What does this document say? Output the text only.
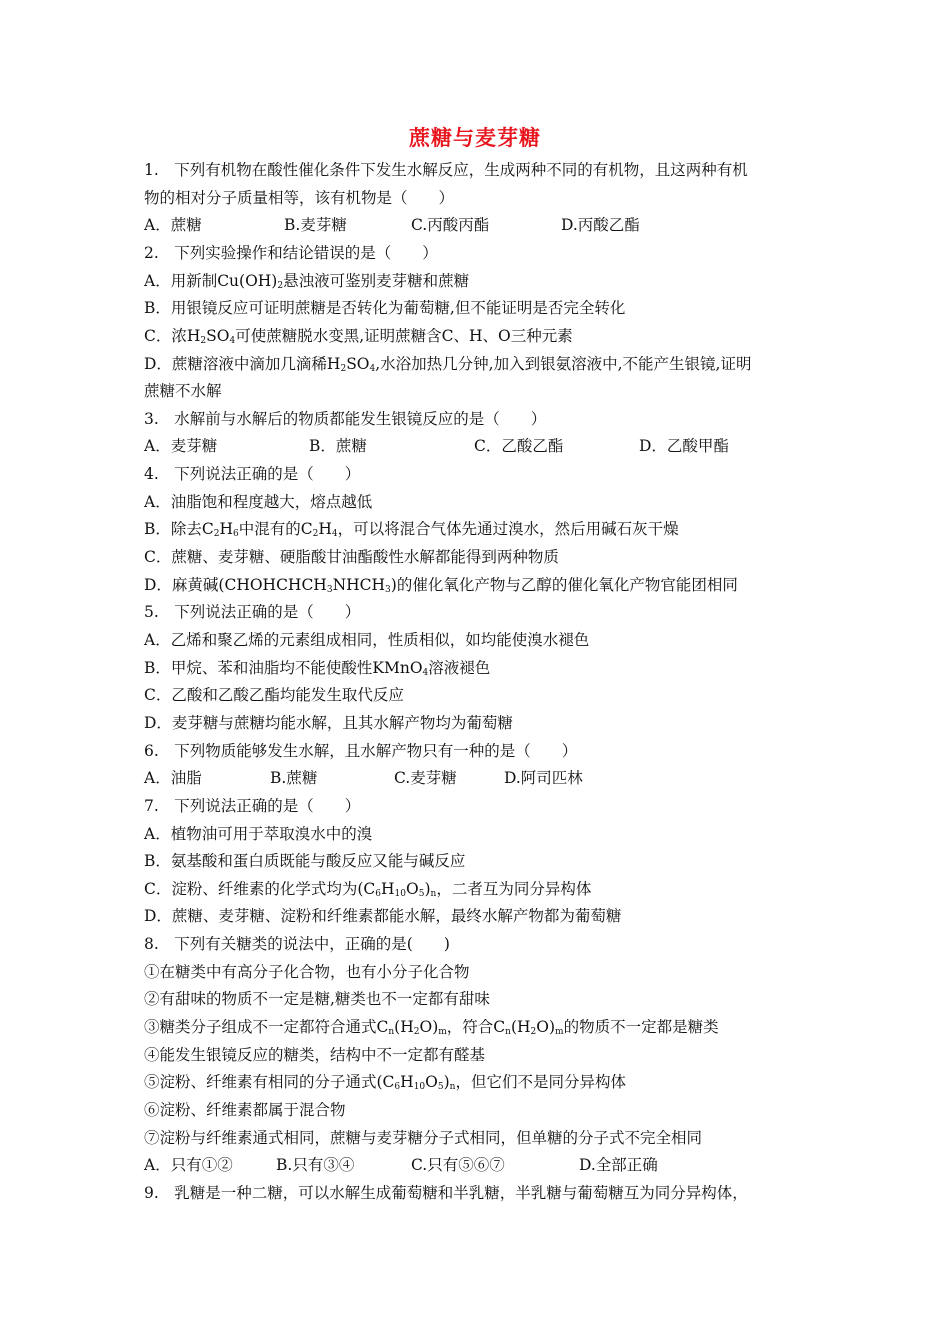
蔗糖与麦芽糖
1.　下列有机物在酸性催化条件下发生水解反应，生成两种不同的有机物，且这两种有机
物的相对分子质量相等，该有机物是（　　）
A．蔗糖	B.麦芽糖	C.丙酸丙酯	D.丙酸乙酯
2.　下列实验操作和结论错误的是（　　）
A．用新制$Cu(OH)_2$悬浊液可鉴别麦芽糖和蔗糖
B．用银镜反应可证明蔗糖是否转化为葡萄糖,但不能证明是否完全转化
C．浓$H_2SO_4$可使蔗糖脱水变黑,证明蔗糖含C、H、O三种元素
D．蔗糖溶液中滴加几滴稀$H_2SO_4$,水浴加热几分钟,加入到银氨溶液中,不能产生银镜,证明
蔗糖不水解
3.　水解前与水解后的物质都能发生银镜反应的是（　　）
A．麦芽糖	B．蔗糖	C．乙酸乙酯	D．乙酸甲酯
4.　下列说法正确的是（　　）
A．油脂饱和程度越大，熔点越低
B．除去$C_2H_6$中混有的$C_2H_4$，可以将混合气体先通过溴水，然后用碱石灰干燥
C．蔗糖、麦芽糖、硬脂酸甘油酯酸性水解都能得到两种物质
D．麻黄碱$(CHOHCHCH_3NHCH_3)$的催化氧化产物与乙醇的催化氧化产物官能团相同
5.　下列说法正确的是（　　）
A．乙烯和聚乙烯的元素组成相同，性质相似，如均能使溴水褪色
B．甲烷、苯和油脂均不能使酸性KMnO$_4$溶液褪色
C．乙酸和乙酸乙酯均能发生取代反应
D．麦芽糖与蔗糖均能水解，且其水解产物均为葡萄糖
6.　下列物质能够发生水解，且水解产物只有一种的是（　　）
A．油脂	B.蔗糖	C.麦芽糖	D.阿司匹林
7.　下列说法正确的是（　　）
A．植物油可用于萃取溴水中的溴
B．氨基酸和蛋白质既能与酸反应又能与碱反应
C．淀粉、纤维素的化学式均为$(C_6H_{10}O_5)_n$，二者互为同分异构体
D．蔗糖、麦芽糖、淀粉和纤维素都能水解，最终水解产物都为葡萄糖
8.　下列有关糖类的说法中，正确的是(　　)
①在糖类中有高分子化合物，也有小分子化合物
②有甜味的物质不一定是糖,糖类也不一定都有甜味
③糖类分子组成不一定都符合通式$C_n(H_2O)_m$，符合$C_n(H_2O)_m$的物质不一定都是糖类
④能发生银镜反应的糖类，结构中不一定都有醛基
⑤淀粉、纤维素有相同的分子通式$(C_6H_{10}O_5)_n$，但它们不是同分异构体
⑥淀粉、纤维素都属于混合物
⑦淀粉与纤维素通式相同，蔗糖与麦芽糖分子式相同，但单糖的分子式不完全相同
A．只有①②	B.只有③④	C.只有⑤⑥⑦	D.全部正确
9.　乳糖是一种二糖，可以水解生成葡萄糖和半乳糖，半乳糖与葡萄糖互为同分异构体，
